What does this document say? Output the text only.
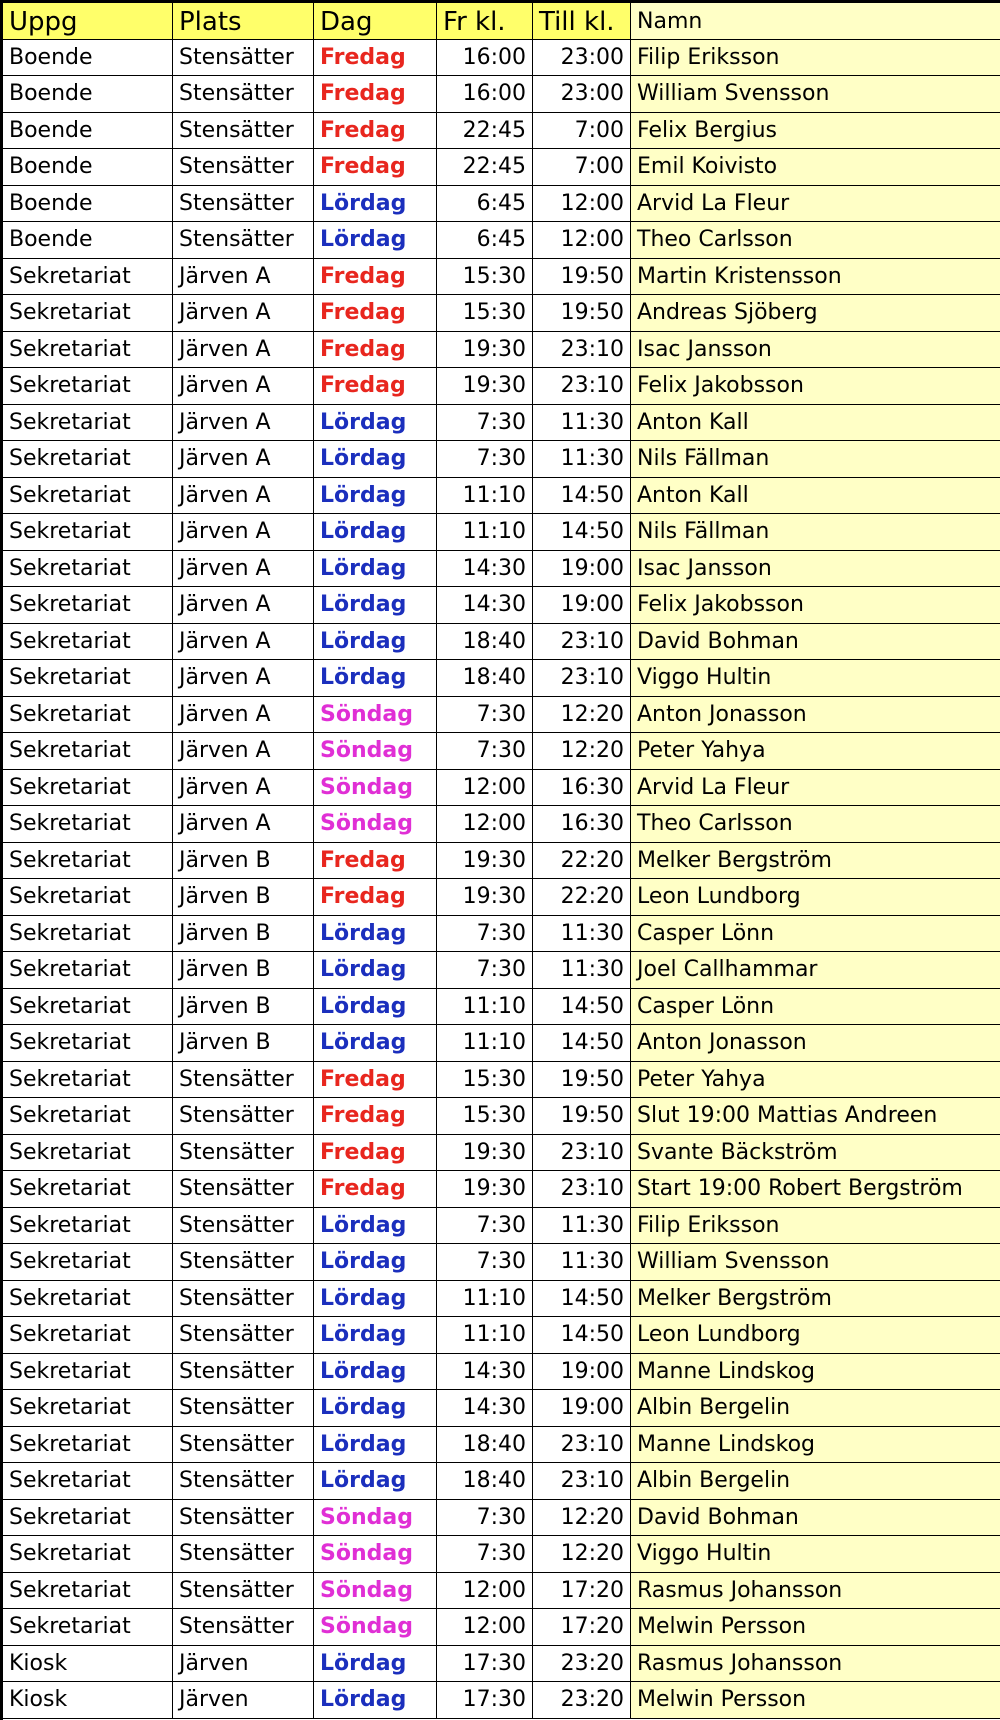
Uppg	Plats	Dag	Fr kl.	Till kl.	Namn
Boende	Stensätter	Fredag	16:00	23:00 Filip Eriksson
Boende	Stensätter	Fredag	16:00	23:00 William Svensson
Boende	Stensätter	Fredag	22:45	7:00 Felix Bergius
Boende	Stensätter	Fredag	22:45	7:00 Emil Koivisto
Boende	Stensätter	Lördag	6:45	12:00 Arvid La Fleur
Boende	Stensätter	Lördag	6:45	12:00 Theo Carlsson
Sekretariat	Järven A	Fredag	15:30	19:50 Martin Kristensson
Sekretariat	Järven A	Fredag	15:30	19:50 Andreas Sjöberg
Sekretariat	Järven A	Fredag	19:30	23:10 Isac Jansson
Sekretariat	Järven A	Fredag	19:30	23:10 Felix Jakobsson
Sekretariat	Järven A	Lördag	7:30	11:30 Anton Kall
Sekretariat	Järven A	Lördag	7:30	11:30 Nils Fällman
Sekretariat	Järven A	Lördag	11:10	14:50 Anton Kall
Sekretariat	Järven A	Lördag	11:10	14:50 Nils Fällman
Sekretariat	Järven A	Lördag	14:30	19:00 Isac Jansson
Sekretariat	Järven A	Lördag	14:30	19:00 Felix Jakobsson
Sekretariat	Järven A	Lördag	18:40	23:10 David Bohman
Sekretariat	Järven A	Lördag	18:40	23:10 Viggo Hultin
Sekretariat	Järven A	Söndag	7:30	12:20 Anton Jonasson
Sekretariat	Järven A	Söndag	7:30	12:20 Peter Yahya
Sekretariat	Järven A	Söndag	12:00	16:30 Arvid La Fleur
Sekretariat	Järven A	Söndag	12:00	16:30 Theo Carlsson
Sekretariat	Järven B	Fredag	19:30	22:20 Melker Bergström
Sekretariat	Järven B	Fredag	19:30	22:20 Leon Lundborg
Sekretariat	Järven B	Lördag	7:30	11:30 Casper Lönn
Sekretariat	Järven B	Lördag	7:30	11:30 Joel Callhammar
Sekretariat	Järven B	Lördag	11:10	14:50 Casper Lönn
Sekretariat	Järven B	Lördag	11:10	14:50 Anton Jonasson
Sekretariat	Stensätter	Fredag	15:30	19:50 Peter Yahya
Sekretariat	Stensätter	Fredag	15:30	19:50 Slut 19:00 Mattias Andreen
Sekretariat	Stensätter	Fredag	19:30	23:10 Svante Bäckström
Sekretariat	Stensätter	Fredag	19:30	23:10 Start 19:00 Robert Bergström
Sekretariat	Stensätter	Lördag	7:30	11:30 Filip Eriksson
Sekretariat	Stensätter	Lördag	7:30	11:30 William Svensson
Sekretariat	Stensätter	Lördag	11:10	14:50 Melker Bergström
Sekretariat	Stensätter	Lördag	11:10	14:50 Leon Lundborg
Sekretariat	Stensätter	Lördag	14:30	19:00 Manne Lindskog
Sekretariat	Stensätter	Lördag	14:30	19:00 Albin Bergelin
Sekretariat	Stensätter	Lördag	18:40	23:10 Manne Lindskog
Sekretariat	Stensätter	Lördag	18:40	23:10 Albin Bergelin
Sekretariat	Stensätter	Söndag	7:30	12:20 David Bohman
Sekretariat	Stensätter	Söndag	7:30	12:20 Viggo Hultin
Sekretariat	Stensätter	Söndag	12:00	17:20 Rasmus Johansson
Sekretariat	Stensätter	Söndag	12:00	17:20 Melwin Persson
Kiosk	Järven	Lördag	17:30	23:20 Rasmus Johansson
Kiosk	Järven	Lördag	17:30	23:20 Melwin Persson
